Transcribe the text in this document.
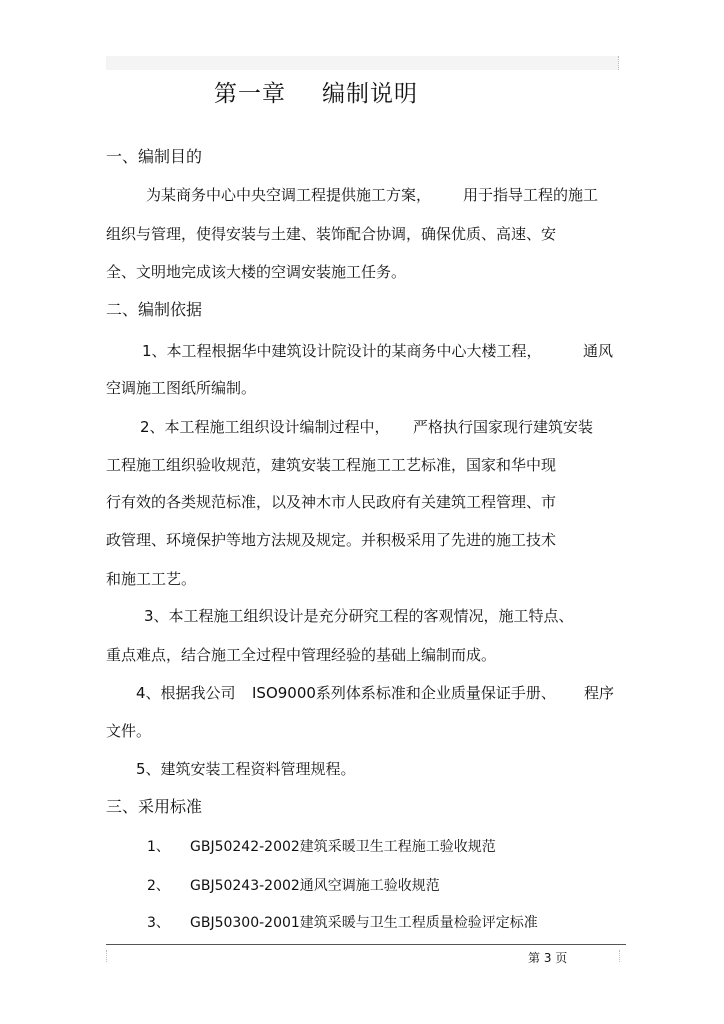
第一章 编制说明
一、编制目的
为某商务中心中央空调工程提供施工方案， 用于指导工程的施工
组织与管理，使得安装与土建、装饰配合协调，确保优质、高速、安
全、文明地完成该大楼的空调安装施工任务。
二、编制依据
1、本工程根据华中建筑设计院设计的某商务中心大楼工程，	通风
空调施工图纸所编制。
2、本工程施工组织设计编制过程中， 严格执行国家现行建筑安装
工程施工组织验收规范，建筑安装工程施工工艺标准，国家和华中现
行有效的各类规范标准，以及神木市人民政府有关建筑工程管理、市
政管理、环境保护等地方法规及规定。并积极采用了先进的施工技术
和施工工艺。
3、本工程施工组织设计是充分研究工程的客观情况，施工特点、
重点难点，结合施工全过程中管理经验的基础上编制而成。
4、根据我公司 ISO9000系列体系标准和企业质量保证手册、 程序
文件。
5、建筑安装工程资料管理规程。
三、采用标准
1、 GBJ50242-2002建筑采暖卫生工程施工验收规范
2、 GBJ50243-2002通风空调施工验收规范
3、 GBJ50300-2001建筑采暖与卫生工程质量检验评定标准
第 3 页
